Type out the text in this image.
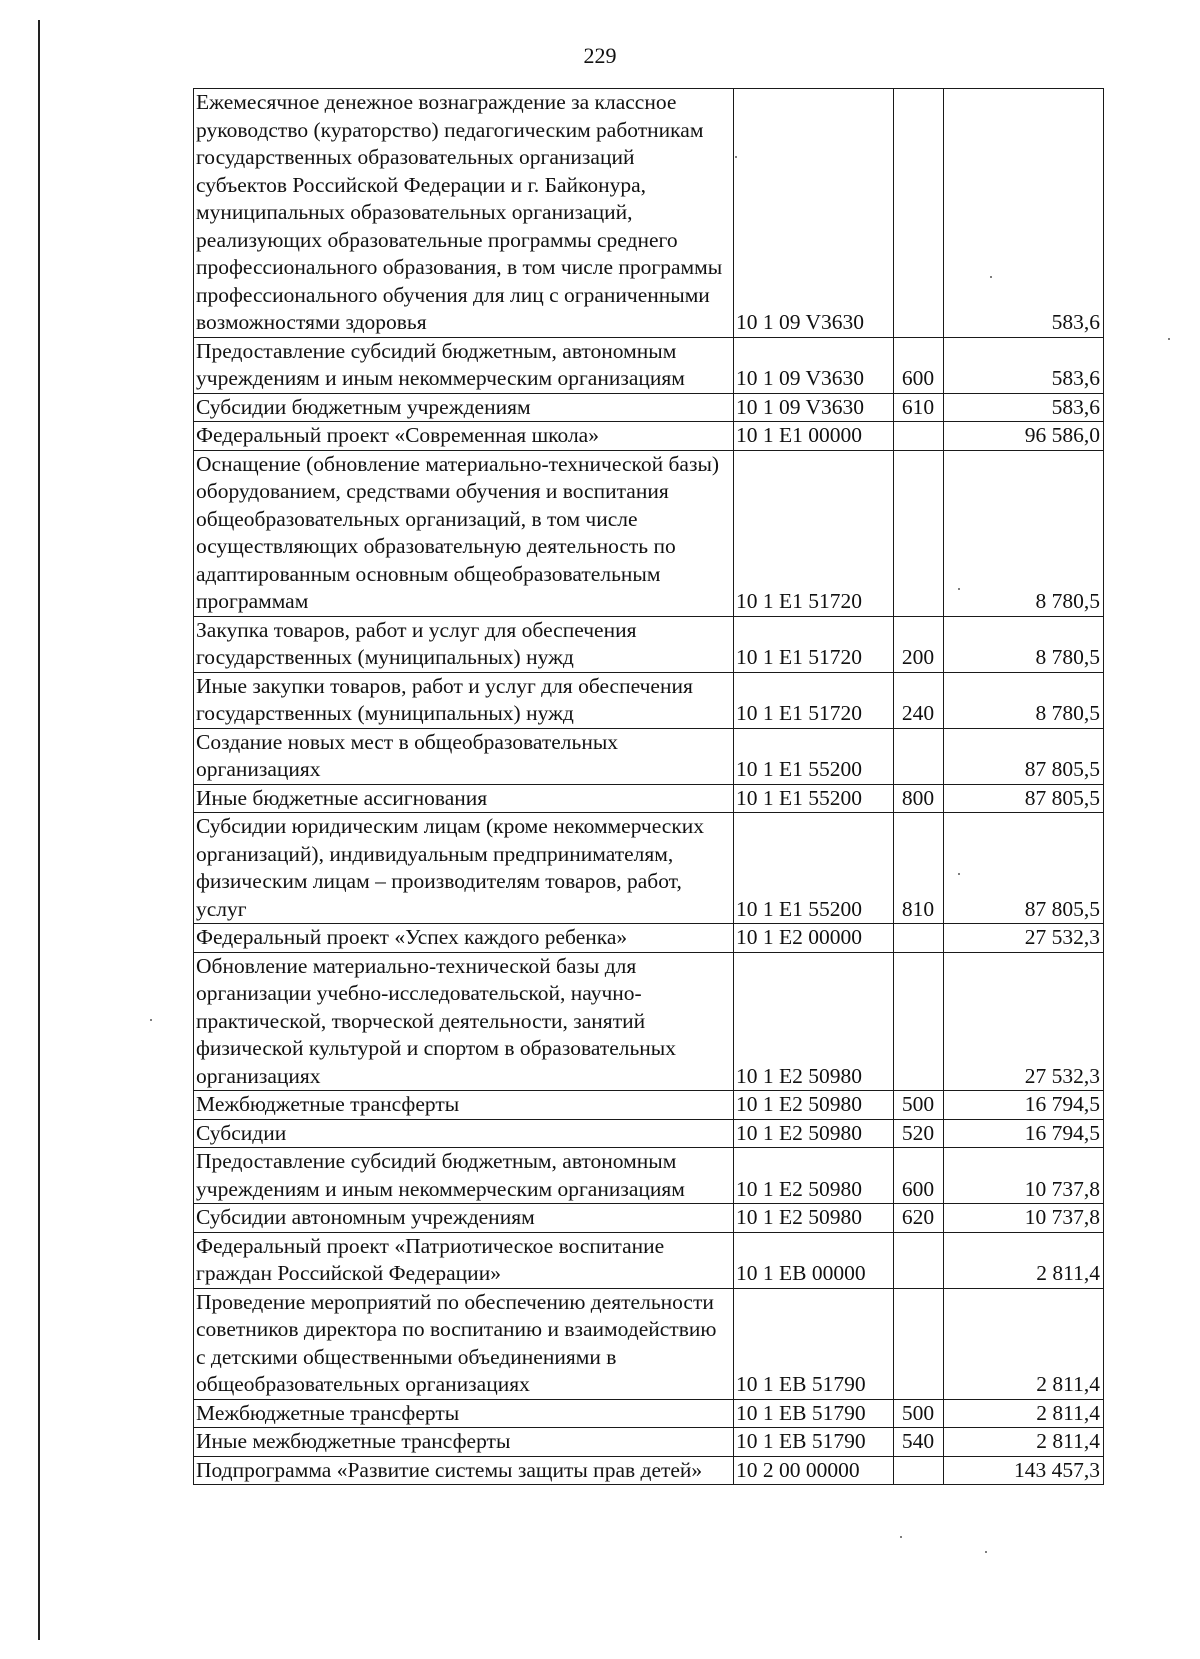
229
Ежемесячное денежное вознаграждение за классное руководство (кураторство) педагогическим работникам государственных образовательных организаций субъектов Российской Федерации и г. Байконура, муниципальных образовательных организаций, реализующих образовательные программы среднего профессионального образования, в том числе программы профессионального обучения для лиц с ограниченными возможностями здоровья	10 1 09 V3630		583,6
Предоставление субсидий бюджетным, автономным учреждениям и иным некоммерческим организациям	10 1 09 V3630	600	583,6
Субсидии бюджетным учреждениям	10 1 09 V3630	610	583,6
Федеральный проект «Современная школа»	10 1 E1 00000		96 586,0
Оснащение (обновление материально-технической базы) оборудованием, средствами обучения и воспитания общеобразовательных организаций, в том числе осуществляющих образовательную деятельность по адаптированным основным общеобразовательным программам	10 1 E1 51720		8 780,5
Закупка товаров, работ и услуг для обеспечения государственных (муниципальных) нужд	10 1 E1 51720	200	8 780,5
Иные закупки товаров, работ и услуг для обеспечения государственных (муниципальных) нужд	10 1 E1 51720	240	8 780,5
Создание новых мест в общеобразовательных организациях	10 1 E1 55200		87 805,5
Иные бюджетные ассигнования	10 1 E1 55200	800	87 805,5
Субсидии юридическим лицам (кроме некоммерческих организаций), индивидуальным предпринимателям, физическим лицам – производителям товаров, работ, услуг	10 1 E1 55200	810	87 805,5
Федеральный проект «Успех каждого ребенка»	10 1 E2 00000		27 532,3
Обновление материально-технической базы для организации учебно-исследовательской, научно-практической, творческой деятельности, занятий физической культурой и спортом в образовательных организациях	10 1 E2 50980		27 532,3
Межбюджетные трансферты	10 1 E2 50980	500	16 794,5
Субсидии	10 1 E2 50980	520	16 794,5
Предоставление субсидий бюджетным, автономным учреждениям и иным некоммерческим организациям	10 1 E2 50980	600	10 737,8
Субсидии автономным учреждениям	10 1 E2 50980	620	10 737,8
Федеральный проект «Патриотическое воспитание граждан Российской Федерации»	10 1 EB 00000		2 811,4
Проведение мероприятий по обеспечению деятельности советников директора по воспитанию и взаимодействию с детскими общественными объединениями в общеобразовательных организациях	10 1 EB 51790		2 811,4
Межбюджетные трансферты	10 1 EB 51790	500	2 811,4
Иные межбюджетные трансферты	10 1 EB 51790	540	2 811,4
Подпрограмма «Развитие системы защиты прав детей»	10 2 00 00000		143 457,3
